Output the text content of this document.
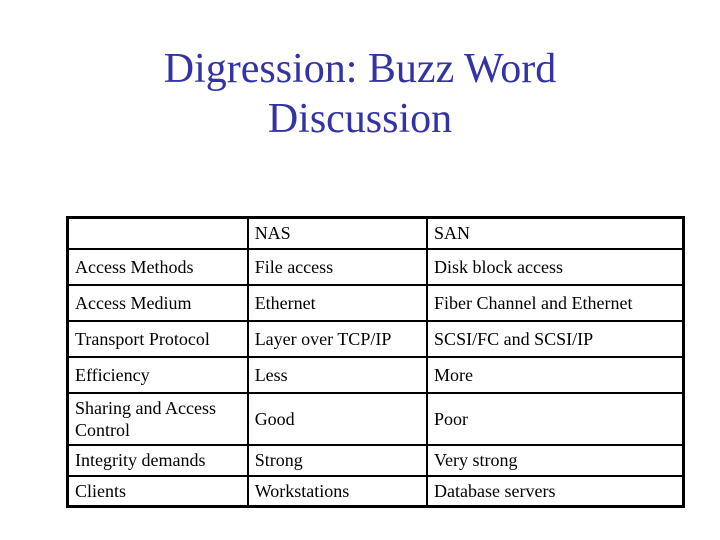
Digression: Buzz Word
Discussion
	NAS	SAN
Access Methods	File access	Disk block access
Access Medium	Ethernet	Fiber Channel and Ethernet
Transport Protocol	Layer over TCP/IP	SCSI/FC and SCSI/IP
Efficiency	Less	More
Sharing and Access Control	Good	Poor
Integrity demands	Strong	Very strong
Clients	Workstations	Database servers
